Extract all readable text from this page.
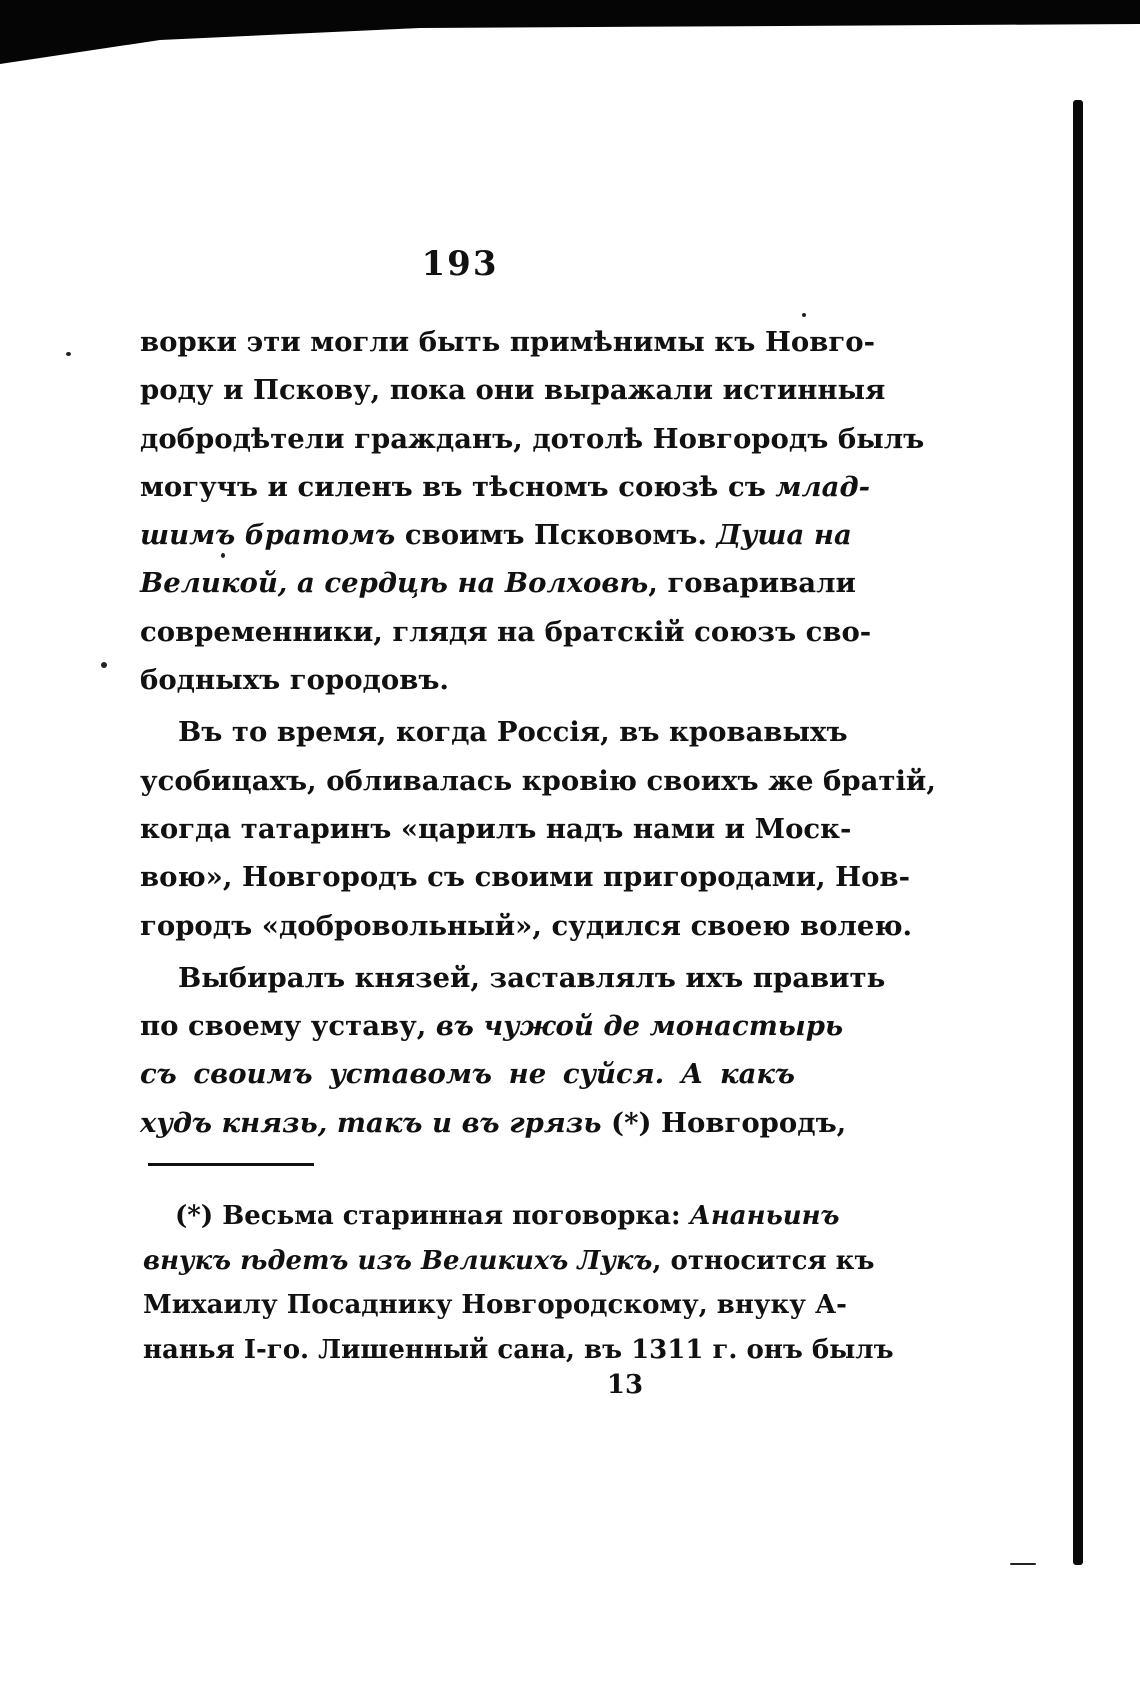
193
ворки эти могли быть примѣнимы къ Новго-
роду и Пскову, пока они выражали истинныя
добродѣтели гражданъ, дотолѣ Новгородъ былъ
могучъ и силенъ въ тѣсномъ союзѣ съ млад-
шимъ братомъ своимъ Псковомъ. Душа на
Великой, а сердцѣ на Волховѣ, говаривали
современники, глядя на братскій союзъ сво-
бодныхъ городовъ.
Въ то время, когда Россія, въ кровавыхъ
усобицахъ, обливалась кровію своихъ же братій,
когда татаринъ «царилъ надъ нами и Моск-
вою», Новгородъ съ своими пригородами, Нов-
городъ «добровольный», судился своею волею.
Выбиралъ князей, заставлялъ ихъ править
по своему уставу, въ чужой де монастырь
съ своимъ уставомъ не суйся. А какъ
худъ князь, такъ и въ грязь (*) Новгородъ,
(*) Весьма старинная поговорка: Ананьинъ
внукъ ѣдетъ изъ Великихъ Лукъ, относится къ
Михаилу Посаднику Новгородскому, внуку А-
нанья I-го. Лишенный сана, въ 1311 г. онъ былъ
13
